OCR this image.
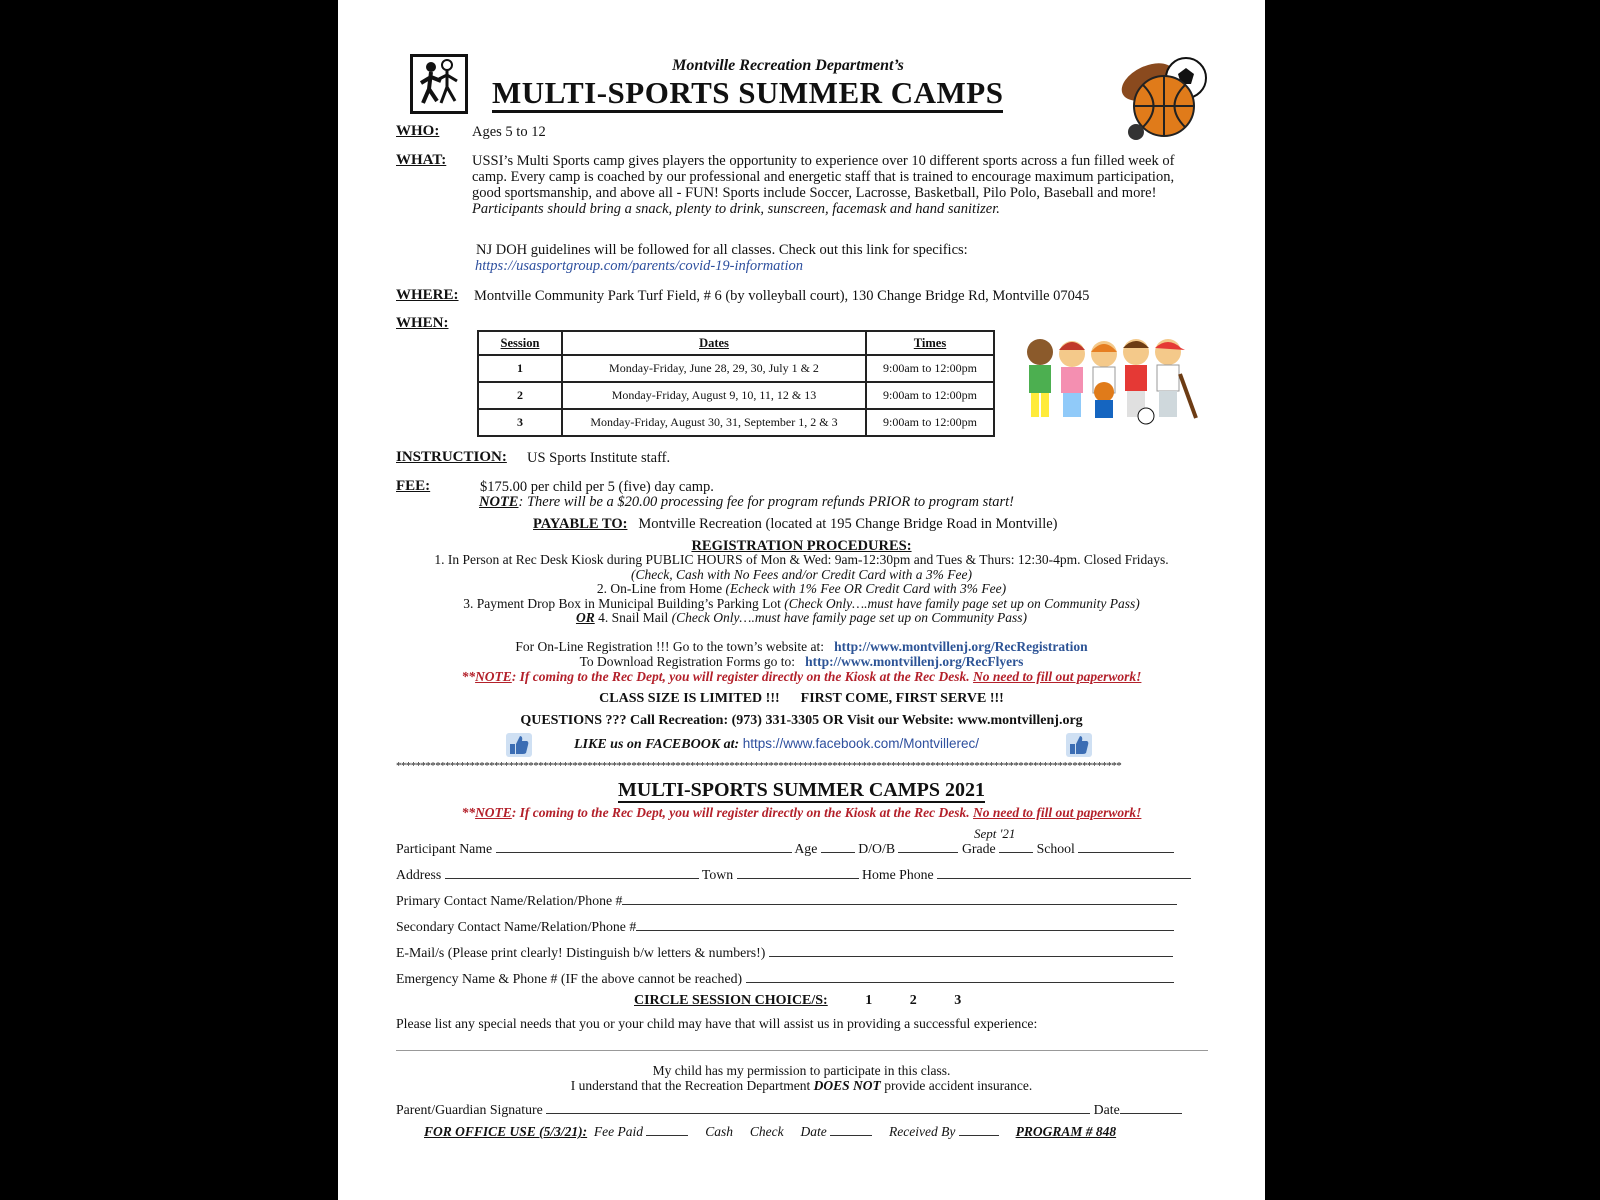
Montville Recreation Department’s
MULTI-SPORTS SUMMER CAMPS
WHO: Ages 5 to 12
WHAT: USSI’s Multi Sports camp gives players the opportunity to experience over 10 different sports across a fun filled week of camp. Every camp is coached by our professional and energetic staff that is trained to encourage maximum participation, good sportsmanship, and above all - FUN! Sports include Soccer, Lacrosse, Basketball, Pilo Polo, Baseball and more! Participants should bring a snack, plenty to drink, sunscreen, facemask and hand sanitizer.
NJ DOH guidelines will be followed for all classes. Check out this link for specifics:
https://usasportgroup.com/parents/covid-19-information
WHERE: Montville Community Park Turf Field, # 6 (by volleyball court), 130 Change Bridge Rd, Montville 07045
WHEN:
Session	Dates	Times
1	Monday-Friday, June 28, 29, 30, July 1 & 2	9:00am to 12:00pm
2	Monday-Friday, August 9, 10, 11, 12 & 13	9:00am to 12:00pm
3	Monday-Friday, August 30, 31, September 1, 2 & 3	9:00am to 12:00pm
INSTRUCTION: US Sports Institute staff.
FEE:	$175.00 per child per 5 (five) day camp.
NOTE: There will be a $20.00 processing fee for program refunds PRIOR to program start!
PAYABLE TO: Montville Recreation (located at 195 Change Bridge Road in Montville)
REGISTRATION PROCEDURES:
1. In Person at Rec Desk Kiosk during PUBLIC HOURS of Mon & Wed: 9am-12:30pm and Tues & Thurs: 12:30-4pm. Closed Fridays.
(Check, Cash with No Fees and/or Credit Card with a 3% Fee)
2. On-Line from Home (Echeck with 1% Fee OR Credit Card with 3% Fee)
3. Payment Drop Box in Municipal Building’s Parking Lot (Check Only….must have family page set up on Community Pass)
OR 4. Snail Mail (Check Only….must have family page set up on Community Pass)
For On-Line Registration !!! Go to the town’s website at: http://www.montvillenj.org/RecRegistration
To Download Registration Forms go to: http://www.montvillenj.org/RecFlyers
**NOTE: If coming to the Rec Dept, you will register directly on the Kiosk at the Rec Desk. No need to fill out paperwork!
CLASS SIZE IS LIMITED !!!      FIRST COME, FIRST SERVE !!!
QUESTIONS ??? Call Recreation: (973) 331-3305 OR Visit our Website: www.montvillenj.org
LIKE us on FACEBOOK at: https://www.facebook.com/Montvillerec/
****************************************************************************************************************************************************
MULTI-SPORTS SUMMER CAMPS 2021
**NOTE: If coming to the Rec Dept, you will register directly on the Kiosk at the Rec Desk. No need to fill out paperwork!
Sept '21
Participant Name	Age	D/O/B	Grade	School
Address	Town	Home Phone
Primary Contact Name/Relation/Phone #
Secondary Contact Name/Relation/Phone #
E-Mail/s (Please print clearly! Distinguish b/w letters & numbers!)
Emergency Name & Phone # (IF the above cannot be reached)
CIRCLE SESSION CHOICE/S:	1	2	3
Please list any special needs that you or your child may have that will assist us in providing a successful experience:
My child has my permission to participate in this class.
I understand that the Recreation Department DOES NOT provide accident insurance.
Parent/Guardian Signature	Date
FOR OFFICE USE (5/3/21): Fee Paid	Cash Check Date	Received By	PROGRAM # 848
